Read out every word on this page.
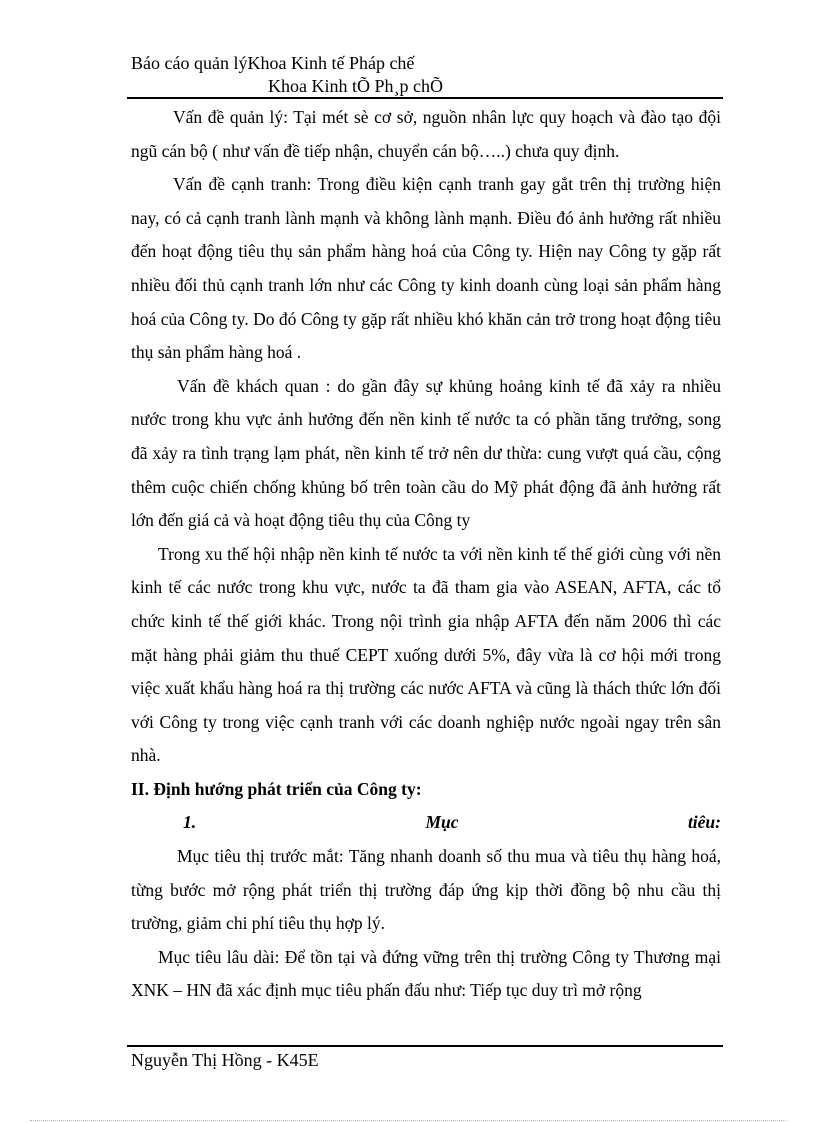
Báo cáo quản lýKhoa Kinh tế Pháp chế
Khoa Kinh tÕ Ph¸p chÕ

Vấn đề quản lý: Tại mét sè cơ sở, nguồn nhân lực quy hoạch và đào tạo đội ngũ cán bộ ( như vấn đề tiếp nhận, chuyển cán bộ…..) chưa quy định.

Vấn đề cạnh tranh: Trong điều kiện cạnh tranh gay gắt trên thị trường hiện nay, có cả cạnh tranh lành mạnh và không lành mạnh. Điều đó ảnh hưởng rất nhiều đến hoạt động tiêu thụ sản phẩm hàng hoá của Công ty. Hiện nay Công ty gặp rất nhiều đối thủ cạnh tranh lớn như các Công ty kinh doanh cùng loại sản phẩm hàng hoá của Công ty. Do đó Công ty gặp rất nhiều khó khăn cản trở trong hoạt động tiêu thụ sản phẩm hàng hoá .

Vấn đề khách quan : do gần đây sự khủng hoảng kinh tế đã xảy ra nhiều nước trong khu vực ảnh hưởng đến nền kinh tế nước ta có phần tăng trưởng, song đã xảy ra tình trạng lạm phát, nền kinh tế trở nên dư thừa: cung vượt quá cầu, cộng thêm cuộc chiến chống khủng bố trên toàn cầu do Mỹ phát động đã ảnh hưởng rất lớn đến giá cả và hoạt động tiêu thụ của Công ty

Trong xu thế hội nhập nền kinh tế nước ta với nền kinh tế thế giới cùng với nền kinh tế các nước trong khu vực, nước ta đã tham gia vào ASEAN, AFTA, các tổ chức kinh tế thế giới khác. Trong nội trình gia nhập AFTA đến năm 2006 thì các mặt hàng phải giảm thu thuế CEPT xuống dưới 5%, đây vừa là cơ hội mới trong việc xuất khẩu hàng hoá ra thị trường các nước AFTA và cũng là thách thức lớn đối với Công ty trong việc cạnh tranh với các doanh nghiệp nước ngoài ngay trên sân nhà.

II. Định hướng phát triển của Công ty:

1.	Mục	tiêu:

Mục tiêu thị trước mắt: Tăng nhanh doanh số thu mua và tiêu thụ hàng hoá, từng bước mở rộng phát triển thị trường đáp ứng kịp thời đồng bộ nhu cầu thị trường, giảm chi phí tiêu thụ hợp lý.

Mục tiêu lâu dài: Để tồn tại và đứng vững trên thị trường Công ty Thương mại XNK – HN đã xác định mục tiêu phấn đấu như: Tiếp tục duy trì mở rộng

Nguyễn Thị Hồng - K45E
